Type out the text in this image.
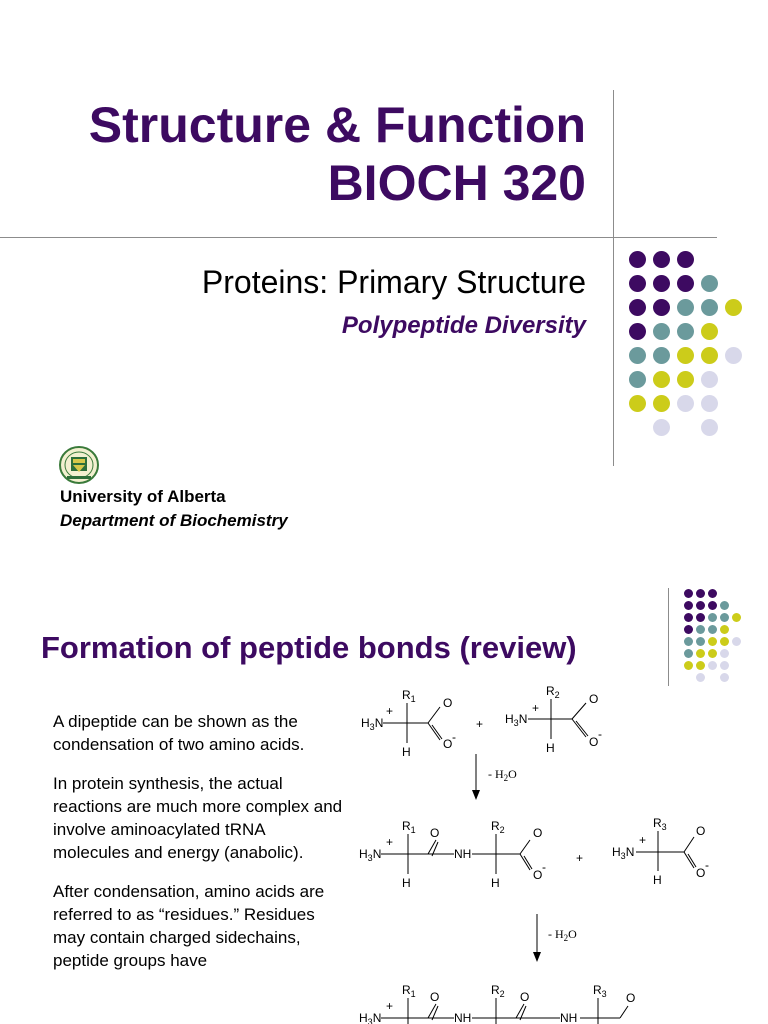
Structure & Function
BIOCH 320
Proteins: Primary Structure
Polypeptide Diversity
University of Alberta
Department of Biochemistry
Formation of peptide bonds (review)

A dipeptide can be shown as the condensation of two amino acids.

In protein synthesis, the actual reactions are much more complex and involve aminoacylated tRNA molecules and energy (anabolic).

After condensation, amino acids are referred to as “residues.” Residues may contain charged sidechains, peptide groups have

$H_3N$
+
$R_1$ O
O -
H
+ $H_3N$
+
$R_2$ O
O
-
H
- $H_2O$
$H_3N$
+
$R_1$ O
H
NH
$R_2$ O
O
-
H
+ $H_3N$
+
$R_3$ O
O
-
H
- $H_2O$
$H_3N$
+
$R_1$ O
NH
$R_2$ O
NH
$R_3$ O
